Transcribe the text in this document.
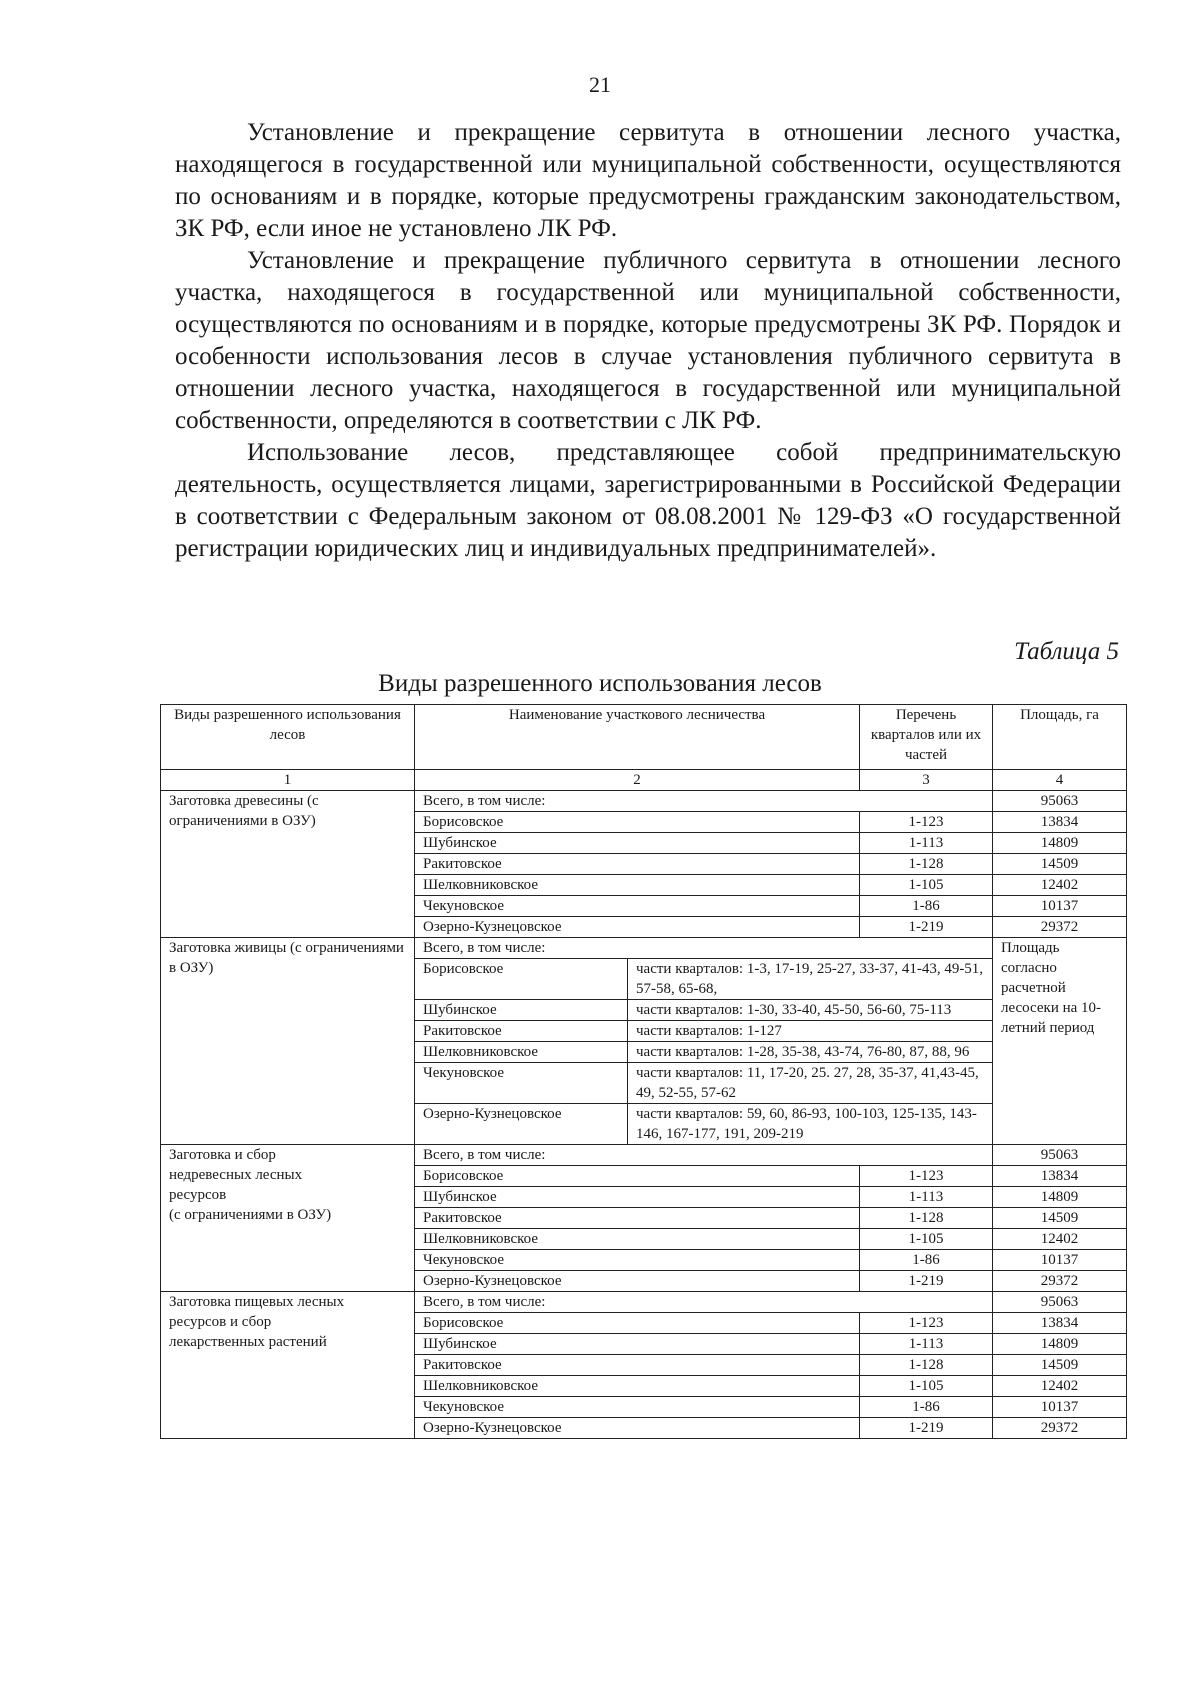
21

Установление и прекращение сервитута в отношении лесного участка, находящегося в государственной или муниципальной собственности, осуществляются по основаниям и в порядке, которые предусмотрены гражданским законодательством, ЗК РФ, если иное не установлено ЛК РФ.

Установление и прекращение публичного сервитута в отношении лесного участка, находящегося в государственной или муниципальной собственности, осуществляются по основаниям и в порядке, которые предусмотрены ЗК РФ. Порядок и особенности использования лесов в случае установления публичного сервитута в отношении лесного участка, находящегося в государственной или муниципальной собственности, определяются в соответствии с ЛК РФ.

Использование лесов, представляющее собой предпринимательскую деятельность, осуществляется лицами, зарегистрированными в Российской Федерации в соответствии с Федеральным законом от 08.08.2001 № 129-ФЗ «О государственной регистрации юридических лиц и индивидуальных предпринимателей».

Таблица 5
Виды разрешенного использования лесов
Виды разрешенного использования лесов	Наименование участкового лесничества		Перечень кварталов или их частей	Площадь, га
1	2		3	4
Заготовка древесины (с ограничениями в ОЗУ)	Всего, в том числе:			95063
	Борисовское		1-123	13834
	Шубинское		1-113	14809
	Ракитовское		1-128	14509
	Шелковниковское		1-105	12402
	Чекуновское		1-86	10137
	Озерно-Кузнецовское		1-219	29372
Заготовка живицы (с ограничениями в ОЗУ)	Всего, в том числе:			Площадь согласно расчетной лесосеки на 10-летний период
	Борисовское	части кварталов: 1-3, 17-19, 25-27, 33-37, 41-43, 49-51, 57-58, 65-68,		
	Шубинское	части кварталов: 1-30, 33-40, 45-50, 56-60, 75-113		
	Ракитовское	части кварталов: 1-127		
	Шелковниковское	части кварталов: 1-28, 35-38, 43-74, 76-80, 87, 88, 96		
	Чекуновское	части кварталов: 11, 17-20, 25. 27, 28, 35-37, 41,43-45, 49, 52-55, 57-62		
	Озерно-Кузнецовское	части кварталов: 59, 60, 86-93, 100-103, 125-135, 143-146, 167-177, 191, 209-219		

Заготовка и сбор
недревесных лесных
ресурсов
(с ограничениями в ОЗУ)	Всего, в том числе:			95063
	Борисовское		1-123	13834
	Шубинское		1-113	14809
	Ракитовское		1-128	14509
	Шелковниковское		1-105	12402
	Чекуновское		1-86	10137
	Озерно-Кузнецовское		1-219	29372

Заготовка пищевых лесных
ресурсов и сбор
лекарственных растений	Всего, в том числе:			95063
	Борисовское		1-123	13834
	Шубинское		1-113	14809
	Ракитовское		1-128	14509
	Шелковниковское		1-105	12402
	Чекуновское		1-86	10137
	Озерно-Кузнецовское		1-219	29372
